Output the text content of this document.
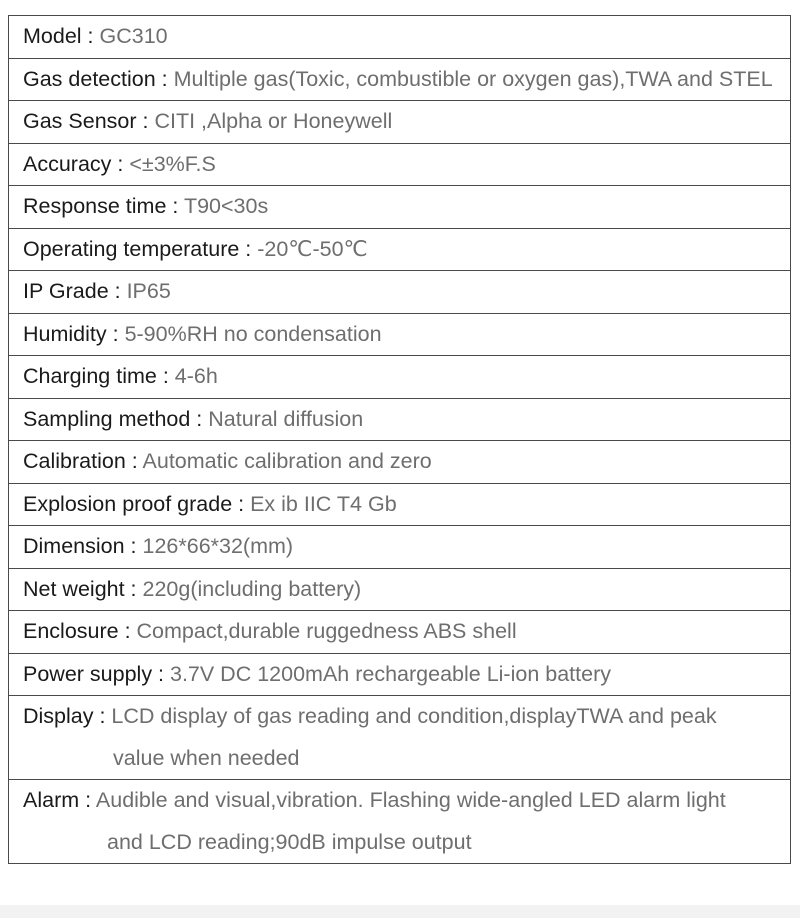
Model : GC310
Gas detection : Multiple gas(Toxic, combustible or oxygen gas),TWA and STEL
Gas Sensor : CITI ,Alpha or Honeywell
Accuracy : <±3%F.S
Response time : T90<30s
Operating temperature : -20℃-50℃
IP Grade : IP65
Humidity : 5-90%RH no condensation
Charging time : 4-6h
Sampling method : Natural diffusion
Calibration : Automatic calibration and zero
Explosion proof grade : Ex ib IIC T4 Gb
Dimension : 126*66*32(mm)
Net weight : 220g(including battery)
Enclosure : Compact,durable ruggedness ABS shell
Power supply : 3.7V DC 1200mAh rechargeable Li-ion battery
Display : LCD display of gas reading and condition,displayTWA and peak
value when needed

Alarm : Audible and visual,vibration. Flashing wide-angled LED alarm light
and LCD reading;90dB impulse output
